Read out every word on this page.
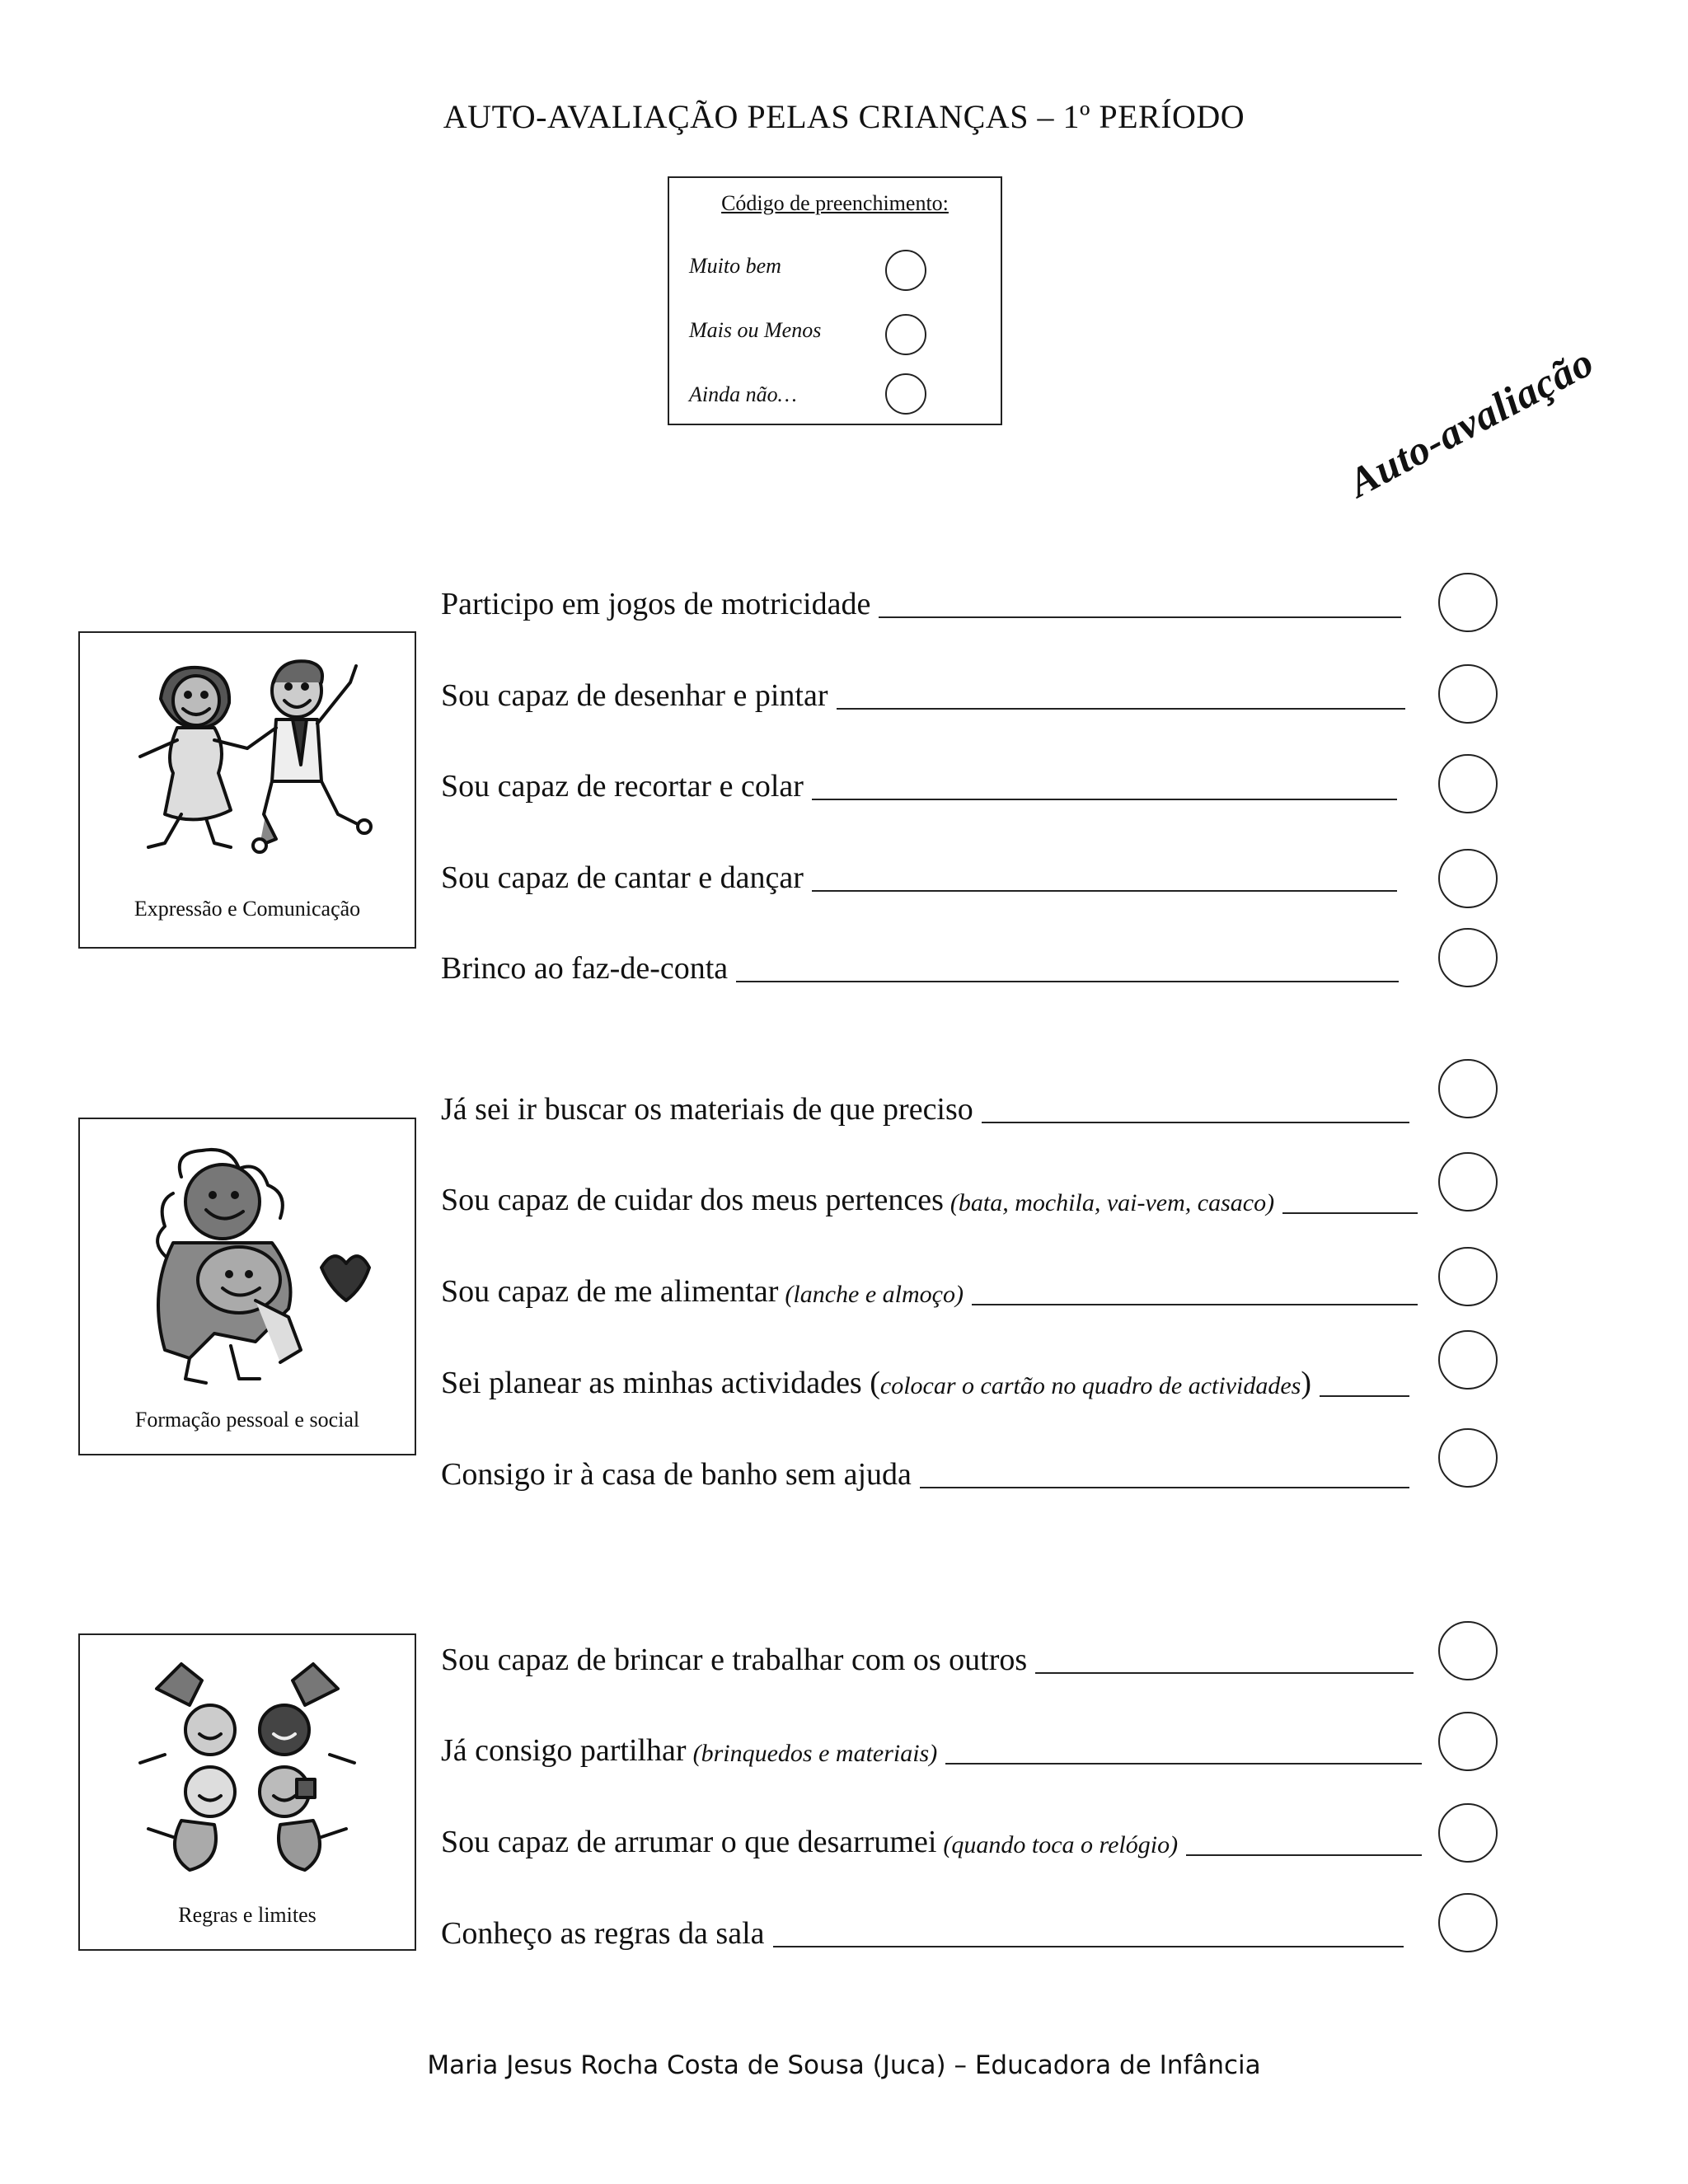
AUTO-AVALIAÇÃO PELAS CRIANÇAS – 1º PERÍODO
Código de preenchimento:
Muito bem
Mais ou Menos
Ainda não…	Auto-avaliação
Expressão e Comunicação
Formação pessoal e social
Regras e limites
Participo em jogos de motricidade
Sou capaz de desenhar e pintar
Sou capaz de recortar e colar
Sou capaz de cantar e dançar
Brinco ao faz-de-conta
Já sei ir buscar os materiais de que preciso
Sou capaz de cuidar dos meus pertences (bata, mochila, vai-vem, casaco)
Sou capaz de me alimentar (lanche e almoço)
Sei planear as minhas actividades ( colocar o cartão no quadro de actividades )
Consigo ir à casa de banho sem ajuda
Sou capaz de brincar e trabalhar com os outros
Já consigo partilhar (brinquedos e materiais)
Sou capaz de arrumar o que desarrumei (quando toca o relógio)
Conheço as regras da sala
Maria Jesus Rocha Costa de Sousa (Juca) – Educadora de Infância
